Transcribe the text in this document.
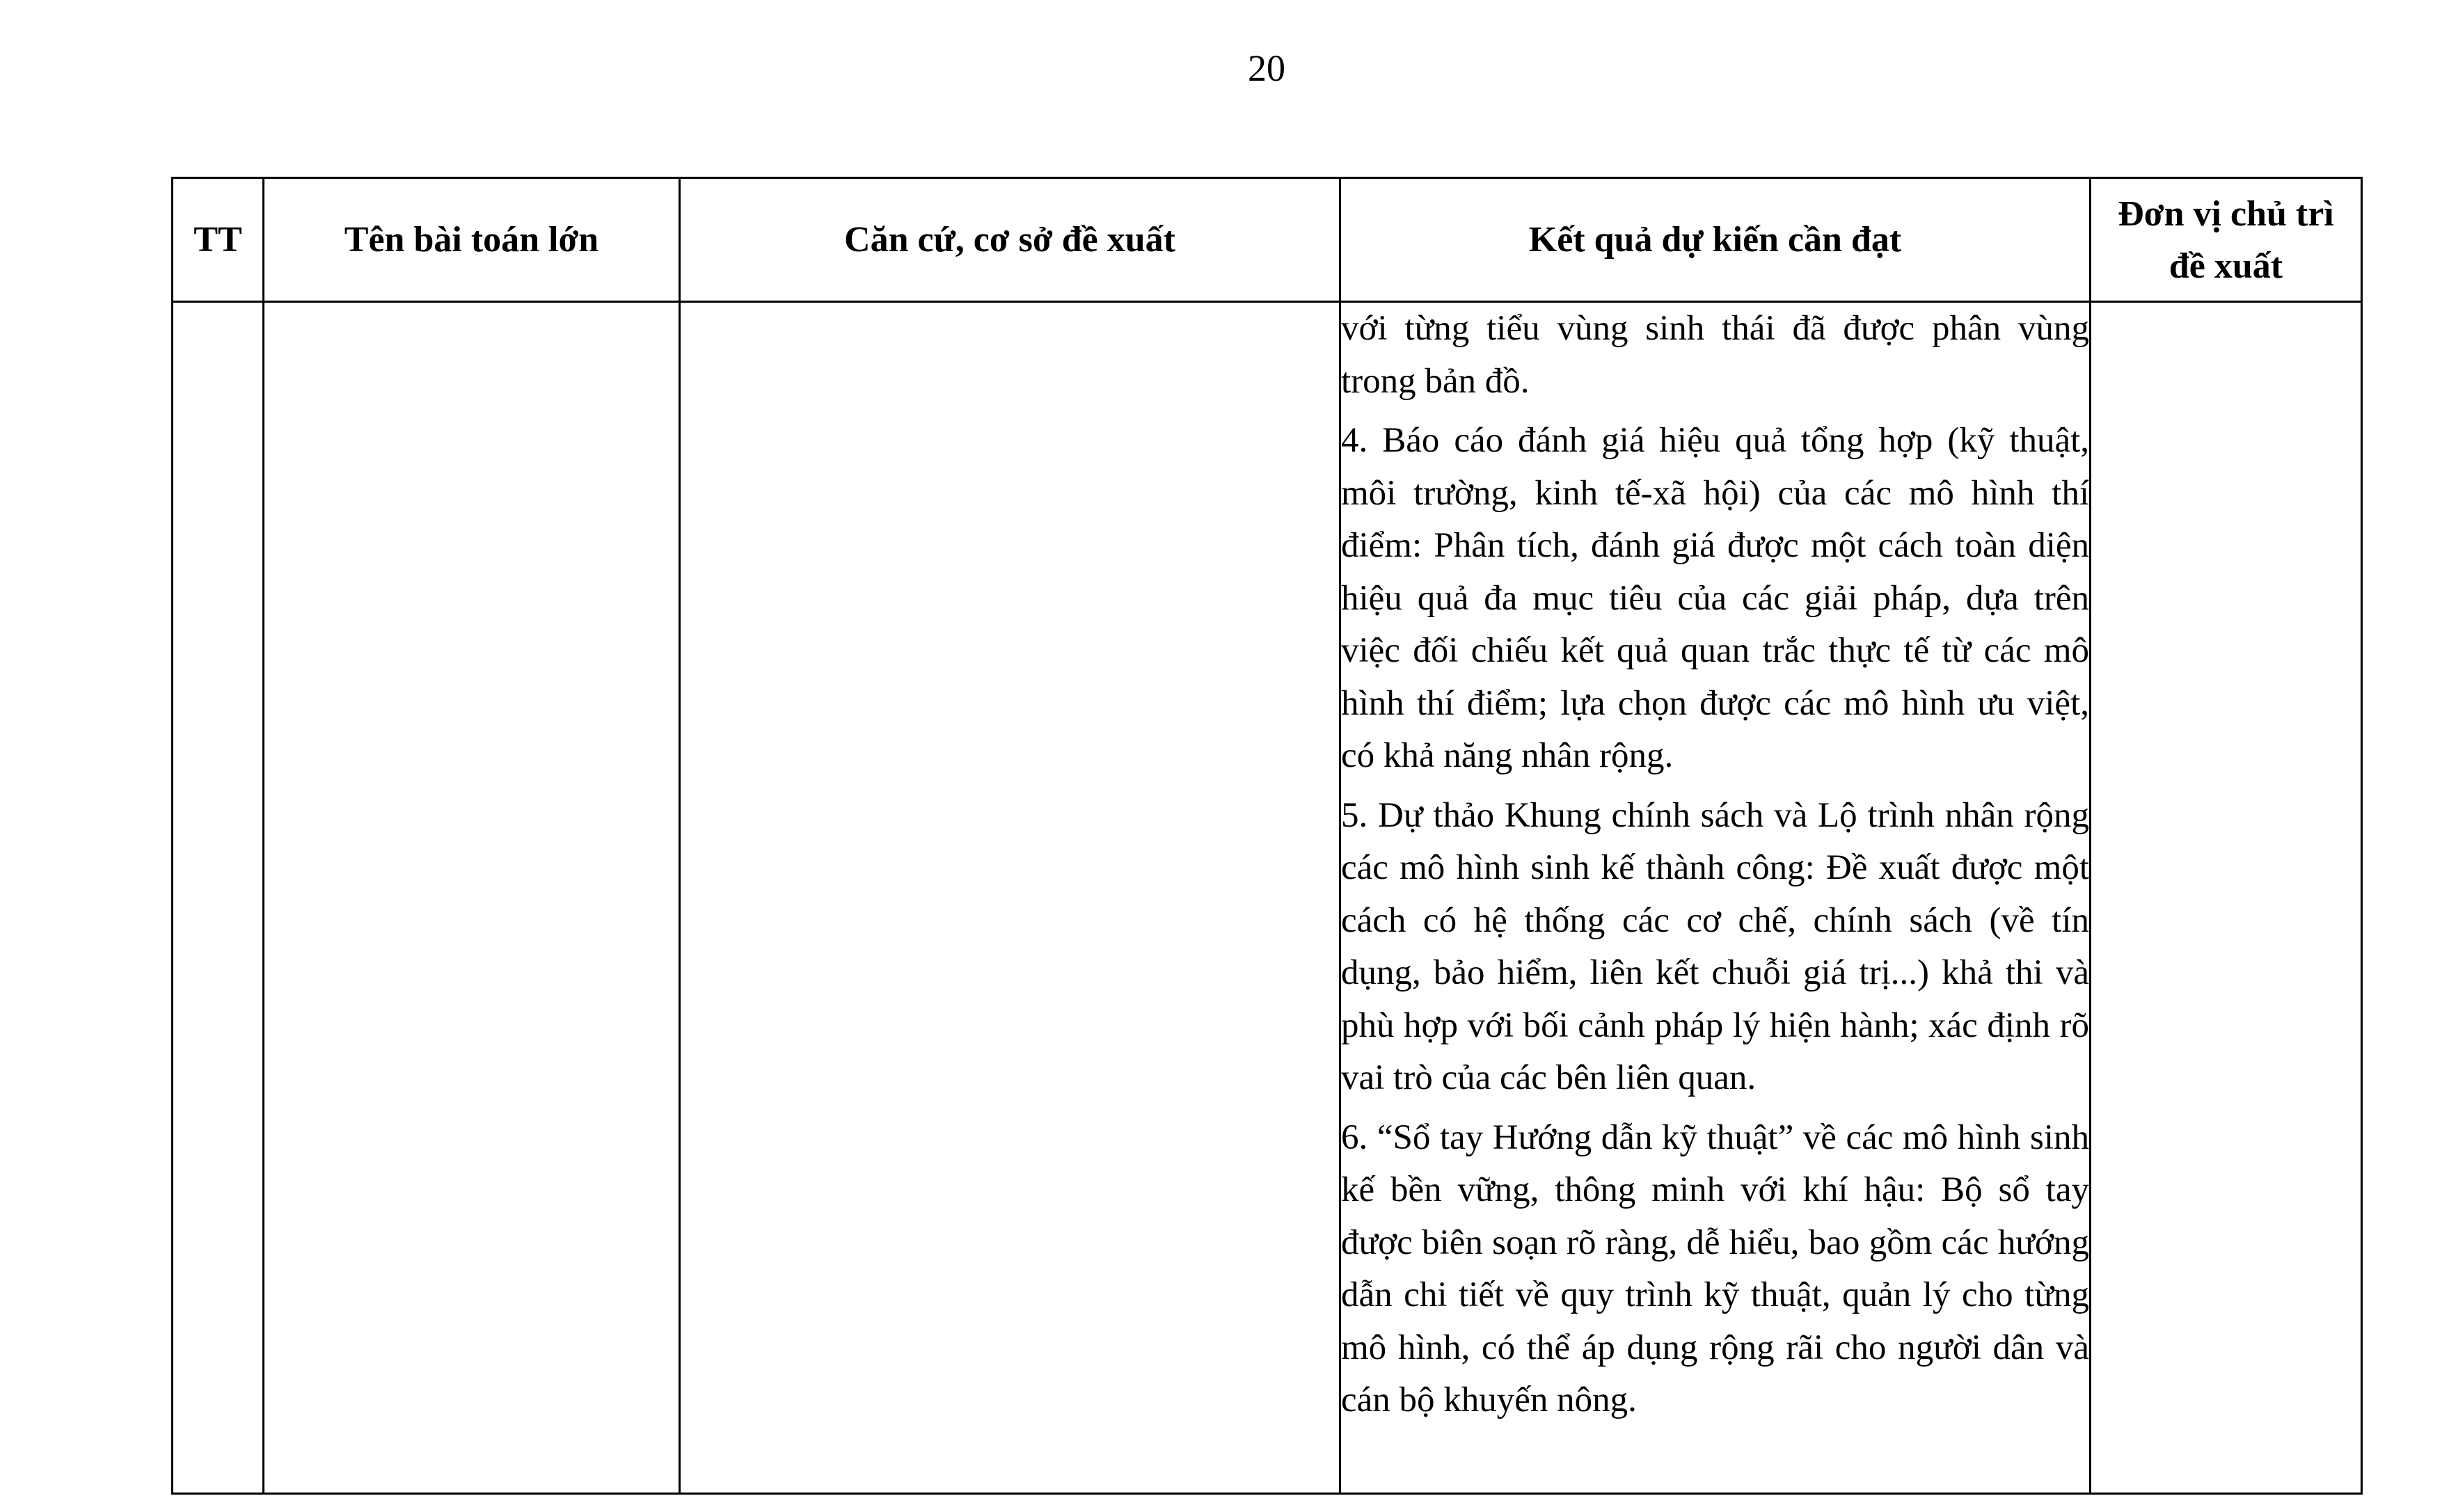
20
TT	Tên bài toán lớn	Căn cứ, cơ sở đề xuất	Kết quả dự kiến cần đạt	Đơn vị chủ trì
đề xuất

			với từng tiểu vùng sinh thái đã được phân vùng trong bản đồ.

4. Báo cáo đánh giá hiệu quả tổng hợp (kỹ thuật, môi trường, kinh tế-xã hội) của các mô hình thí điểm: Phân tích, đánh giá được một cách toàn diện hiệu quả đa mục tiêu của các giải pháp, dựa trên việc đối chiếu kết quả quan trắc thực tế từ các mô hình thí điểm; lựa chọn được các mô hình ưu việt, có khả năng nhân rộng.

5. Dự thảo Khung chính sách và Lộ trình nhân rộng các mô hình sinh kế thành công: Đề xuất được một cách có hệ thống các cơ chế, chính sách (về tín dụng, bảo hiểm, liên kết chuỗi giá trị...) khả thi và phù hợp với bối cảnh pháp lý hiện hành; xác định rõ vai trò của các bên liên quan.

6. “Sổ tay Hướng dẫn kỹ thuật” về các mô hình sinh kế bền vững, thông minh với khí hậu: Bộ sổ tay được biên soạn rõ ràng, dễ hiểu, bao gồm các hướng dẫn chi tiết về quy trình kỹ thuật, quản lý cho từng mô hình, có thể áp dụng rộng rãi cho người dân và cán bộ khuyến nông.	
